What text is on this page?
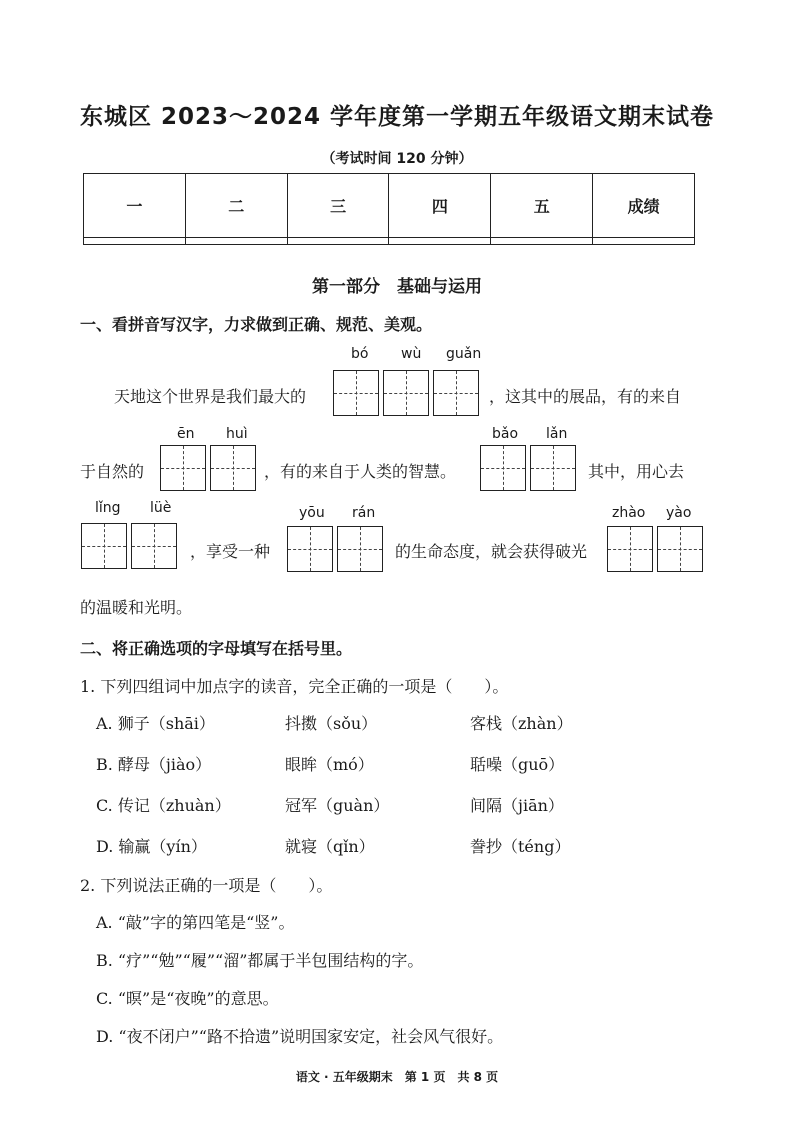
东城区 2023～2024 学年度第一学期五年级语文期末试卷
（考试时间 120 分钟）
一	二	三	四	五	成绩

第一部分　基础与运用
一、看拼音写汉字，力求做到正确、规范、美观。
bó wù guǎn
天地这个世界是我们最大的	，这其中的展品，有的来自
ēn huì	bǎo lǎn
于自然的	，有的来自于人类的智慧。	其中，用心去
lǐng lüè	yōu rán	zhào yào
，享受一种	的生命态度，就会获得破光
的温暖和光明。
二、将正确选项的字母填写在括号里。
1. 下列四组词中加点字的读音，完全正确的一项是（　　）。
A. 狮子（shāi）	抖擞（sǒu）	客栈（zhàn）
B. 酵母（jiào）	眼眸（mó）	聒噪（guō）
C. 传记（zhuàn）	冠军（guàn）	间隔（jiān）
D. 输赢（yín）	就寝（qǐn）	誊抄（téng）
2. 下列说法正确的一项是（　　）。
A. “敲”字的第四笔是“竖”。
B. “疗”“勉”“履”“溜”都属于半包围结构的字。
C. “暝”是“夜晚”的意思。
D. “夜不闭户”“路不拾遗”说明国家安定，社会风气很好。
语文 · 五年级期末　第 1 页　共 8 页
